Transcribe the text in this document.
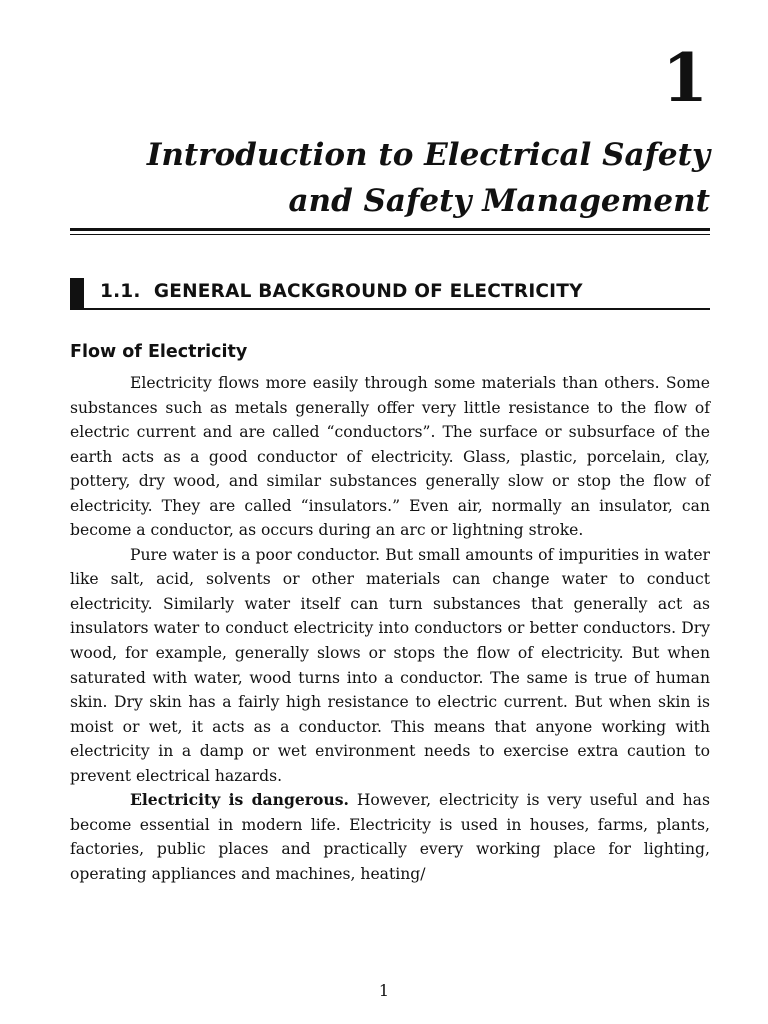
1
Introduction to Electrical Safety
and Safety Management
1.1.  GENERAL BACKGROUND OF ELECTRICITY
Flow of Electricity

Electricity flows more easily through some materials than others. Some substances such as metals generally offer very little resistance to the flow of electric current and are called “conductors”. The surface or subsurface of the earth acts as a good conductor of electricity. Glass, plastic, porcelain, clay, pottery, dry wood, and similar substances generally slow or stop the flow of electricity. They are called “insulators.” Even air, normally an insulator, can become a conductor, as occurs during an arc or lightning stroke.

Pure water is a poor conductor. But small amounts of impurities in water like salt, acid, solvents or other materials can change water to conduct electricity. Similarly water itself can turn substances that generally act as insulators water to conduct electricity into conductors or better conductors. Dry wood, for example, generally slows or stops the flow of electricity. But when saturated with water, wood turns into a conductor. The same is true of human skin. Dry skin has a fairly high resistance to electric current. But when skin is moist or wet, it acts as a conductor. This means that anyone working with electricity in a damp or wet environment needs to exercise extra caution to prevent electrical hazards.

Electricity is dangerous. However, electricity is very useful and has become essential in modern life. Electricity is used in houses, farms, plants, factories, public places and practically every working place for lighting, operating appliances and machines, heating/

1
